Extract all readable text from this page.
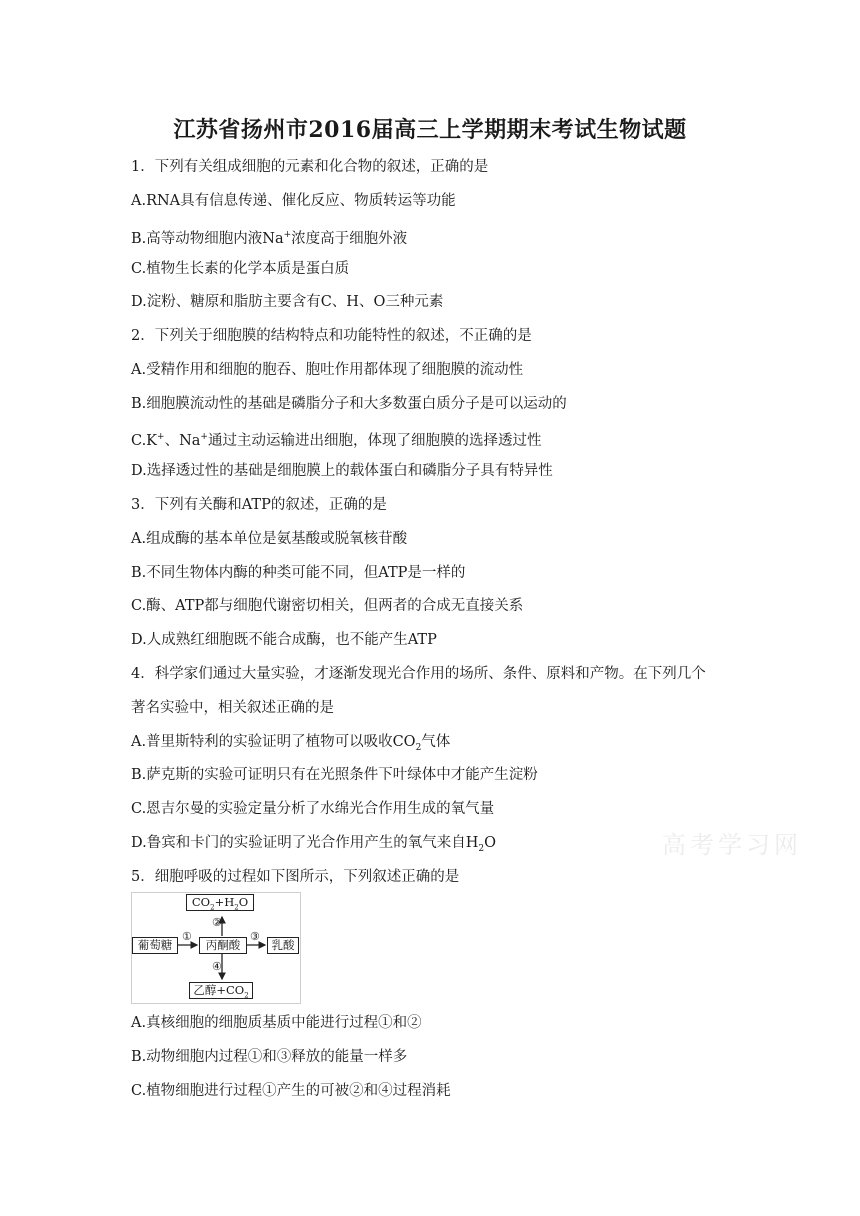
江苏省扬州市2016届高三上学期期末考试生物试题
1．下列有关组成细胞的元素和化合物的叙述，正确的是
A.RNA具有信息传递、催化反应、物质转运等功能
B.高等动物细胞内液Na+浓度高于细胞外液
C.植物生长素的化学本质是蛋白质
D.淀粉、糖原和脂肪主要含有C、H、O三种元素
2．下列关于细胞膜的结构特点和功能特性的叙述，不正确的是
A.受精作用和细胞的胞吞、胞吐作用都体现了细胞膜的流动性
B.细胞膜流动性的基础是磷脂分子和大多数蛋白质分子是可以运动的
C.K+、Na+通过主动运输进出细胞，体现了细胞膜的选择透过性
D.选择透过性的基础是细胞膜上的载体蛋白和磷脂分子具有特异性
3．下列有关酶和ATP的叙述，正确的是
A.组成酶的基本单位是氨基酸或脱氧核苷酸
B.不同生物体内酶的种类可能不同，但ATP是一样的
C.酶、ATP都与细胞代谢密切相关，但两者的合成无直接关系
D.人成熟红细胞既不能合成酶，也不能产生ATP
4．科学家们通过大量实验，才逐渐发现光合作用的场所、条件、原料和产物。在下列几个
著名实验中，相关叙述正确的是
A.普里斯特利的实验证明了植物可以吸收$CO_2$气体
B.萨克斯的实验可证明只有在光照条件下叶绿体中才能产生淀粉
C.恩吉尔曼的实验定量分析了水绵光合作用生成的氧气量
D.鲁宾和卡门的实验证明了光合作用产生的氧气来自$H_2O$	高考学习网
5．细胞呼吸的过程如下图所示，下列叙述正确的是
$CO_2+H_2O$
②
葡萄糖
①
丙酮酸
③
乳酸
④
乙醇$+CO_2$
A.真核细胞的细胞质基质中能进行过程①和②
B.动物细胞内过程①和③释放的能量一样多
C.植物细胞进行过程①产生的可被②和④过程消耗
